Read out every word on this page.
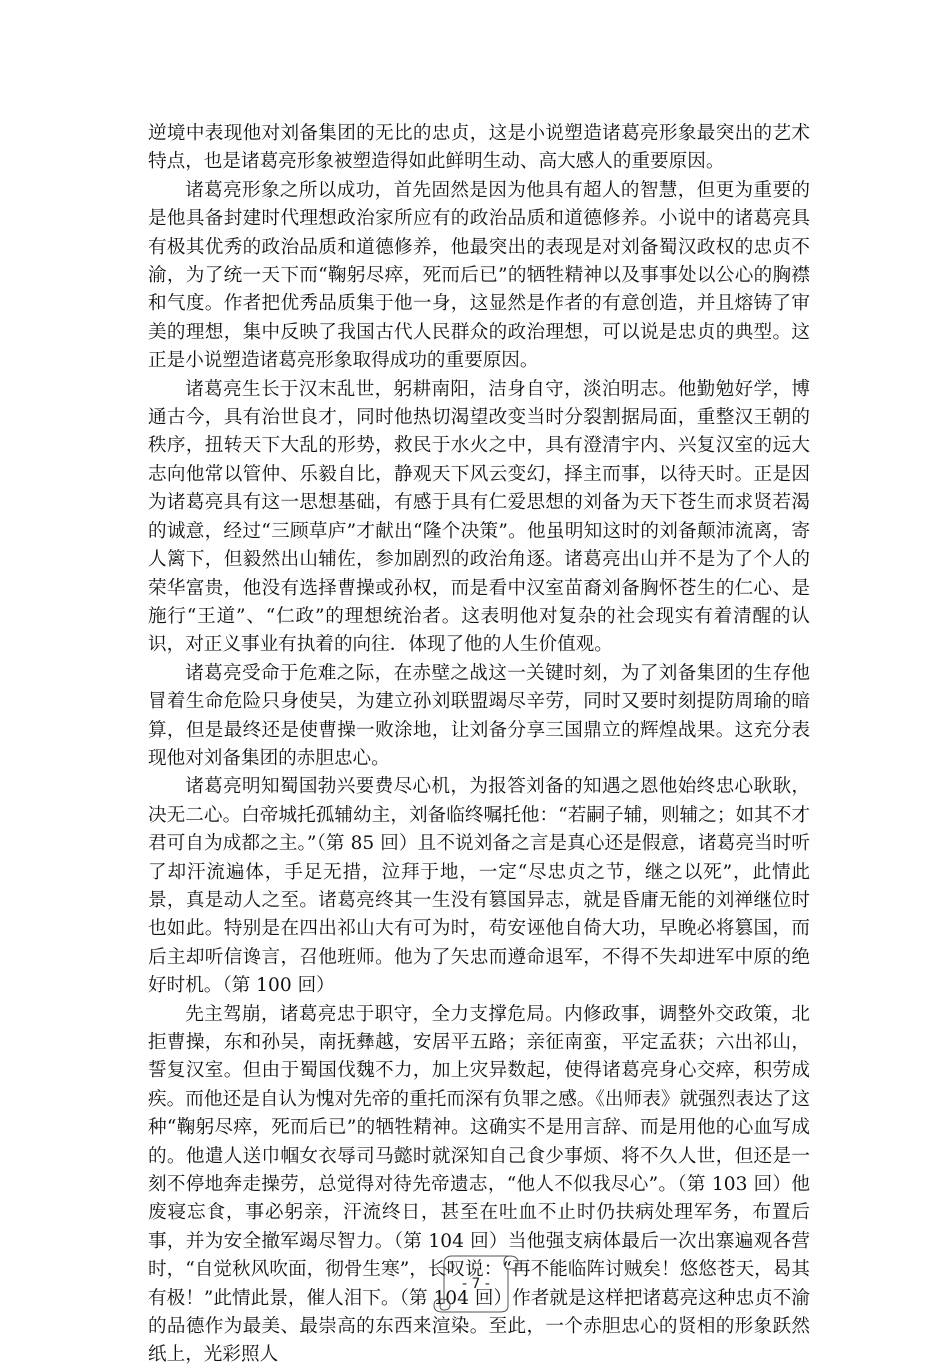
逆境中表现他对刘备集团的无比的忠贞，这是小说塑造诸葛亮形象最突出的艺术特点，也是诸葛亮形象被塑造得如此鲜明生动、高大感人的重要原因。

诸葛亮形象之所以成功，首先固然是因为他具有超人的智慧，但更为重要的是他具备封建时代理想政治家所应有的政治品质和道德修养。小说中的诸葛亮具有极其优秀的政治品质和道德修养，他最突出的表现是对刘备蜀汉政权的忠贞不渝，为了统一天下而“鞠躬尽瘁，死而后已”的牺牲精神以及事事处以公心的胸襟和气度。作者把优秀品质集于他一身，这显然是作者的有意创造，并且熔铸了审美的理想，集中反映了我国古代人民群众的政治理想，可以说是忠贞的典型。这正是小说塑造诸葛亮形象取得成功的重要原因。

诸葛亮生长于汉末乱世，躬耕南阳，洁身自守，淡泊明志。他勤勉好学，博通古今，具有治世良才，同时他热切渴望改变当时分裂割据局面，重整汉王朝的秩序，扭转天下大乱的形势，救民于水火之中，具有澄清宇内、兴复汉室的远大志向他常以管仲、乐毅自比，静观天下风云变幻，择主而事，以待天时。正是因为诸葛亮具有这一思想基础，有感于具有仁爱思想的刘备为天下苍生而求贤若渴的诚意，经过“三顾草庐”才献出“隆个决策”。他虽明知这时的刘备颠沛流离，寄人篱下，但毅然出山辅佐，参加剧烈的政治角逐。诸葛亮出山并不是为了个人的荣华富贵，他没有选择曹操或孙权，而是看中汉室苗裔刘备胸怀苍生的仁心、是施行“王道”、“仁政”的理想统治者。这表明他对复杂的社会现实有着清醒的认识，对正义事业有执着的向往．体现了他的人生价值观。

诸葛亮受命于危难之际，在赤壁之战这一关键时刻，为了刘备集团的生存他冒着生命危险只身使吴，为建立孙刘联盟竭尽辛劳，同时又要时刻提防周瑜的暗算，但是最终还是使曹操一败涂地，让刘备分享三国鼎立的辉煌战果。这充分表现他对刘备集团的赤胆忠心。

诸葛亮明知蜀国勃兴要费尽心机，为报答刘备的知遇之恩他始终忠心耿耿，决无二心。白帝城托孤辅幼主，刘备临终嘱托他：“若嗣子辅，则辅之；如其不才君可自为成都之主。”（第 85 回）且不说刘备之言是真心还是假意，诸葛亮当时听了却汗流遍体，手足无措，泣拜于地，一定“尽忠贞之节，继之以死”，此情此景，真是动人之至。诸葛亮终其一生没有篡国异志，就是昏庸无能的刘禅继位时也如此。特别是在四出祁山大有可为时，苟安诬他自倚大功，早晚必将篡国，而后主却听信谗言，召他班师。他为了矢忠而遵命退军，不得不失却进军中原的绝好时机。（第 100 回）

先主驾崩，诸葛亮忠于职守，全力支撑危局。内修政事，调整外交政策，北拒曹操，东和孙吴，南抚彝越，安居平五路；亲征南蛮，平定孟获；六出祁山，誓复汉室。但由于蜀国伐魏不力，加上灾异数起，使得诸葛亮身心交瘁，积劳成疾。而他还是自认为愧对先帝的重托而深有负罪之感。《出师表》就强烈表达了这种“鞠躬尽瘁，死而后已”的牺牲精神。这确实不是用言辞、而是用他的心血写成的。他遣人送巾帼女衣辱司马懿时就深知自己食少事烦、将不久人世，但还是一刻不停地奔走操劳，总觉得对待先帝遗志，“他人不似我尽心”。（第 103 回）他废寝忘食，事必躬亲，汗流终日，甚至在吐血不止时仍扶病处理军务，布置后事，并为安全撤军竭尽智力。（第 104 回）当他强支病体最后一次出寨遍观各营时，“自觉秋风吹面，彻骨生寒”，长叹说：“再不能临阵讨贼矣！悠悠苍天，曷其有极！”此情此景，催人泪下。（第 104 回）作者就是这样把诸葛亮这种忠贞不渝的品德作为最美、最崇高的东西来渲染。至此，一个赤胆忠心的贤相的形象跃然纸上，光彩照人

- 7 -
